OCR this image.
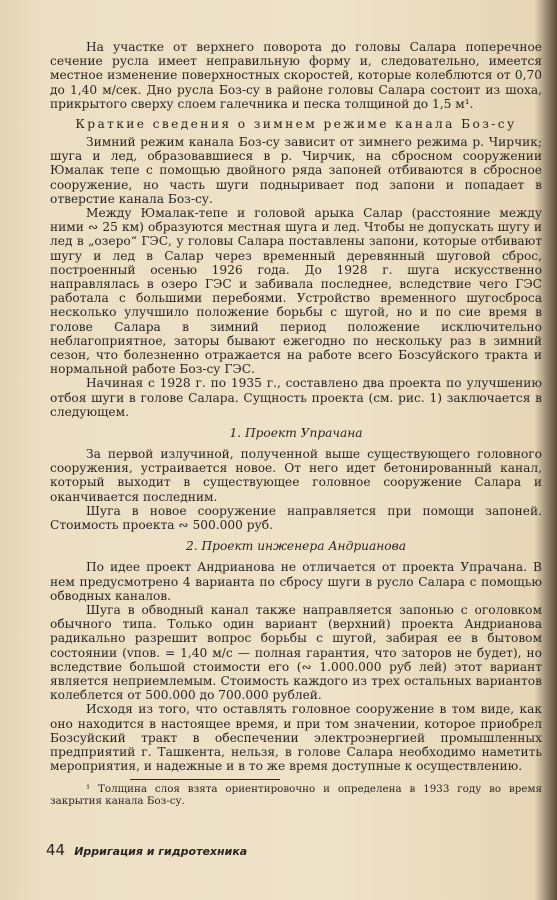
На участке от верхнего поворота до головы Салара поперечное сечение русла имеет неправильную форму и, следовательно, имеется местное изменение поверхностных скоростей, которые колеблются от 0,70 до 1,40 м/сек. Дно русла Боз-су в районе головы Салара состоит из шоха, прикрытого сверху слоем галечника и песка толщиной до 1,5 м¹.

Краткие сведения о зимнем режиме канала Боз-су

Зимний режим канала Боз-су зависит от зимнего режима р. Чирчик; шуга и лед, образовавшиеся в р. Чирчик, на сбросном сооружении Юмалак тепе с помощью двойного ряда запоней отбиваются в сбросное сооружение, но часть шуги подныривает под запони и попадает в отверстие канала Боз-су.

Между Юмалак-тепе и головой арыка Салар (расстояние между ними ∾ 25 км) образуются местная шуга и лед. Чтобы не допускать шугу и лед в „озеро“ ГЭС, у головы Салара поставлены запони, которые отбивают шугу и лед в Салар через временный деревянный шуговой сброс, построенный осенью 1926 года. До 1928 г. шуга искусственно направлялась в озеро ГЭС и забивала последнее, вследствие чего ГЭС работала с большими перебоями. Устройство временного шугосброса несколько улучшило положение борьбы с шугой, но и по сие время в голове Салара в зимний период положение исключительно неблагоприятное, заторы бывают ежегодно по нескольку раз в зимний сезон, что болезненно отражается на работе всего Бозсуйского тракта и нормальной работе Боз-су ГЭС.

Начиная с 1928 г. по 1935 г., составлено два проекта по улучшению отбоя шуги в голове Салара. Сущность проекта (см. рис. 1) заключается в следующем.

1. Проект Упрачана

За первой излучиной, полученной выше существующего головного сооружения, устраивается новое. От него идет бетонированный канал, который выходит в существующее головное сооружение Салара и оканчивается последним.

Шуга в новое сооружение направляется при помощи запоней. Стоимость проекта ∾ 500.000 руб.

2. Проект инженера Андрианова

По идее проект Андрианова не отличается от проекта Упрачана. В нем предусмотрено 4 варианта по сбросу шуги в русло Салара с помощью обводных каналов.

Шуга в обводный канал также направляется запонью с оголовком обычного типа. Только один вариант (верхний) проекта Андрианова радикально разрешит вопрос борьбы с шугой, забирая ее в бытовом состоянии (vпов. = 1,40 м/с — полная гарантия, что заторов не будет), но вследствие большой стоимости его (∾ 1.000.000 руб лей) этот вариант является неприемлемым. Стоимость каждого из трех остальных вариантов колеблется от 500.000 до 700.000 рублей.

Исходя из того, что оставлять головное сооружение в том виде, как оно находится в настоящее время, и при том значении, которое приобрел Бозсуйский тракт в обеспечении электроэнергией промышленных предприятий г. Ташкента, нельзя, в голове Салара необходимо наметить мероприятия, и надежные и в то же время доступные к осуществлению.

¹ Толщина слоя взята ориентировочно и определена в 1933 году во время закрытия канала Боз-су.

44 Ирригация и гидротехника
